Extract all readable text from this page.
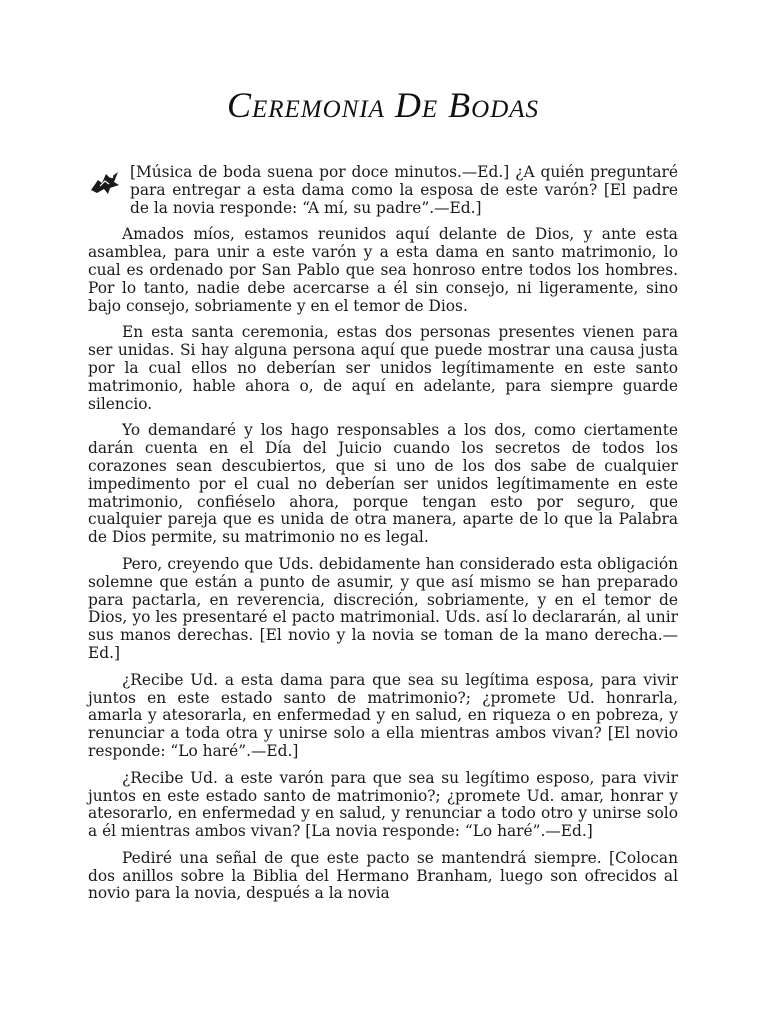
Ceremonia De Bodas

[Música de boda suena por doce minutos.—Ed.] ¿A quién preguntaré para entregar a esta dama como la esposa de este varón? [El padre de la novia responde: “A mí, su padre”.—Ed.]

Amados míos, estamos reunidos aquí delante de Dios, y ante esta asamblea, para unir a este varón y a esta dama en santo matrimonio, lo cual es ordenado por San Pablo que sea honroso entre todos los hombres. Por lo tanto, nadie debe acercarse a él sin consejo, ni ligeramente, sino bajo consejo, sobriamente y en el temor de Dios.

En esta santa ceremonia, estas dos personas presentes vienen para ser unidas. Si hay alguna persona aquí que puede mostrar una causa justa por la cual ellos no deberían ser unidos legítimamente en este santo matrimonio, hable ahora o, de aquí en adelante, para siempre guarde silencio.

Yo demandaré y los hago responsables a los dos, como ciertamente darán cuenta en el Día del Juicio cuando los secretos de todos los corazones sean descubiertos, que si uno de los dos sabe de cualquier impedimento por el cual no deberían ser unidos legítimamente en este matrimonio, confiéselo ahora, porque tengan esto por seguro, que cualquier pareja que es unida de otra manera, aparte de lo que la Palabra de Dios permite, su matrimonio no es legal.

Pero, creyendo que Uds. debidamente han considerado esta obligación solemne que están a punto de asumir, y que así mismo se han preparado para pactarla, en reverencia, discreción, sobriamente, y en el temor de Dios, yo les presentaré el pacto matrimonial. Uds. así lo declararán, al unir sus manos derechas. [El novio y la novia se toman de la mano derecha.—Ed.]

¿Recibe Ud. a esta dama para que sea su legítima esposa, para vivir juntos en este estado santo de matrimonio?; ¿promete Ud. honrarla, amarla y atesorarla, en enfermedad y en salud, en riqueza o en pobreza, y renunciar a toda otra y unirse solo a ella mientras ambos vivan? [El novio responde: “Lo haré”.—Ed.]

¿Recibe Ud. a este varón para que sea su legítimo esposo, para vivir juntos en este estado santo de matrimonio?; ¿promete Ud. amar, honrar y atesorarlo, en enfermedad y en salud, y renunciar a todo otro y unirse solo a él mientras ambos vivan? [La novia responde: “Lo haré”.—Ed.]

Pediré una señal de que este pacto se mantendrá siempre. [Colocan dos anillos sobre la Biblia del Hermano Branham, luego son ofrecidos al novio para la novia, después a la novia
